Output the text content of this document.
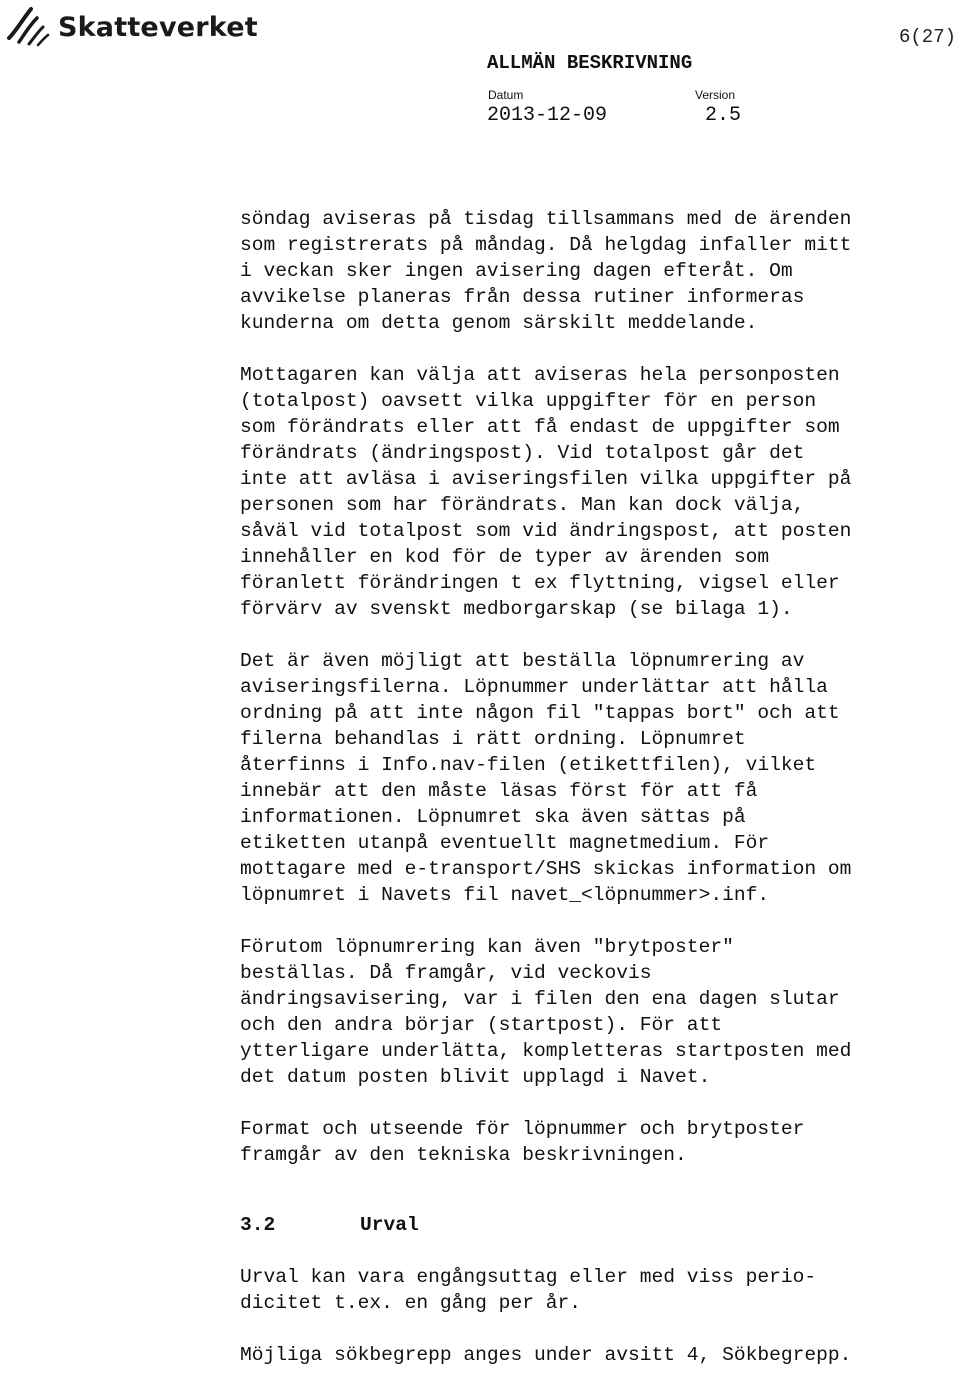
Skatteverket	6(27)
ALLMÄN BESKRIVNING
Datum	Version
2013-12-09	2.5

söndag aviseras på tisdag tillsammans med de ärenden
som registrerats på måndag. Då helgdag infaller mitt
i veckan sker ingen avisering dagen efteråt. Om
avvikelse planeras från dessa rutiner informeras
kunderna om detta genom särskilt meddelande.

Mottagaren kan välja att aviseras hela personposten
(totalpost) oavsett vilka uppgifter för en person
som förändrats eller att få endast de uppgifter som
förändrats (ändringspost). Vid totalpost går det
inte att avläsa i aviseringsfilen vilka uppgifter på
personen som har förändrats. Man kan dock välja,
såväl vid totalpost som vid ändringspost, att posten
innehåller en kod för de typer av ärenden som
föranlett förändringen t ex flyttning, vigsel eller
förvärv av svenskt medborgarskap (se bilaga 1).

Det är även möjligt att beställa löpnumrering av
aviseringsfilerna. Löpnummer underlättar att hålla
ordning på att inte någon fil "tappas bort" och att
filerna behandlas i rätt ordning. Löpnumret
återfinns i Info.nav-filen (etikettfilen), vilket
innebär att den måste läsas först för att få
informationen. Löpnumret ska även sättas på
etiketten utanpå eventuellt magnetmedium. För
mottagare med e-transport/SHS skickas information om
löpnumret i Navets fil navet_<löpnummer>.inf.

Förutom löpnumrering kan även "brytposter"
beställas. Då framgår, vid veckovis
ändringsavisering, var i filen den ena dagen slutar
och den andra börjar (startpost). För att
ytterligare underlätta, kompletteras startposten med
det datum posten blivit upplagd i Navet.

Format och utseende för löpnummer och brytposter
framgår av den tekniska beskrivningen.

3.2	Urval

Urval kan vara engångsuttag eller med viss perio-
dicitet t.ex. en gång per år.

Möjliga sökbegrepp anges under avsitt 4, Sökbegrepp.
